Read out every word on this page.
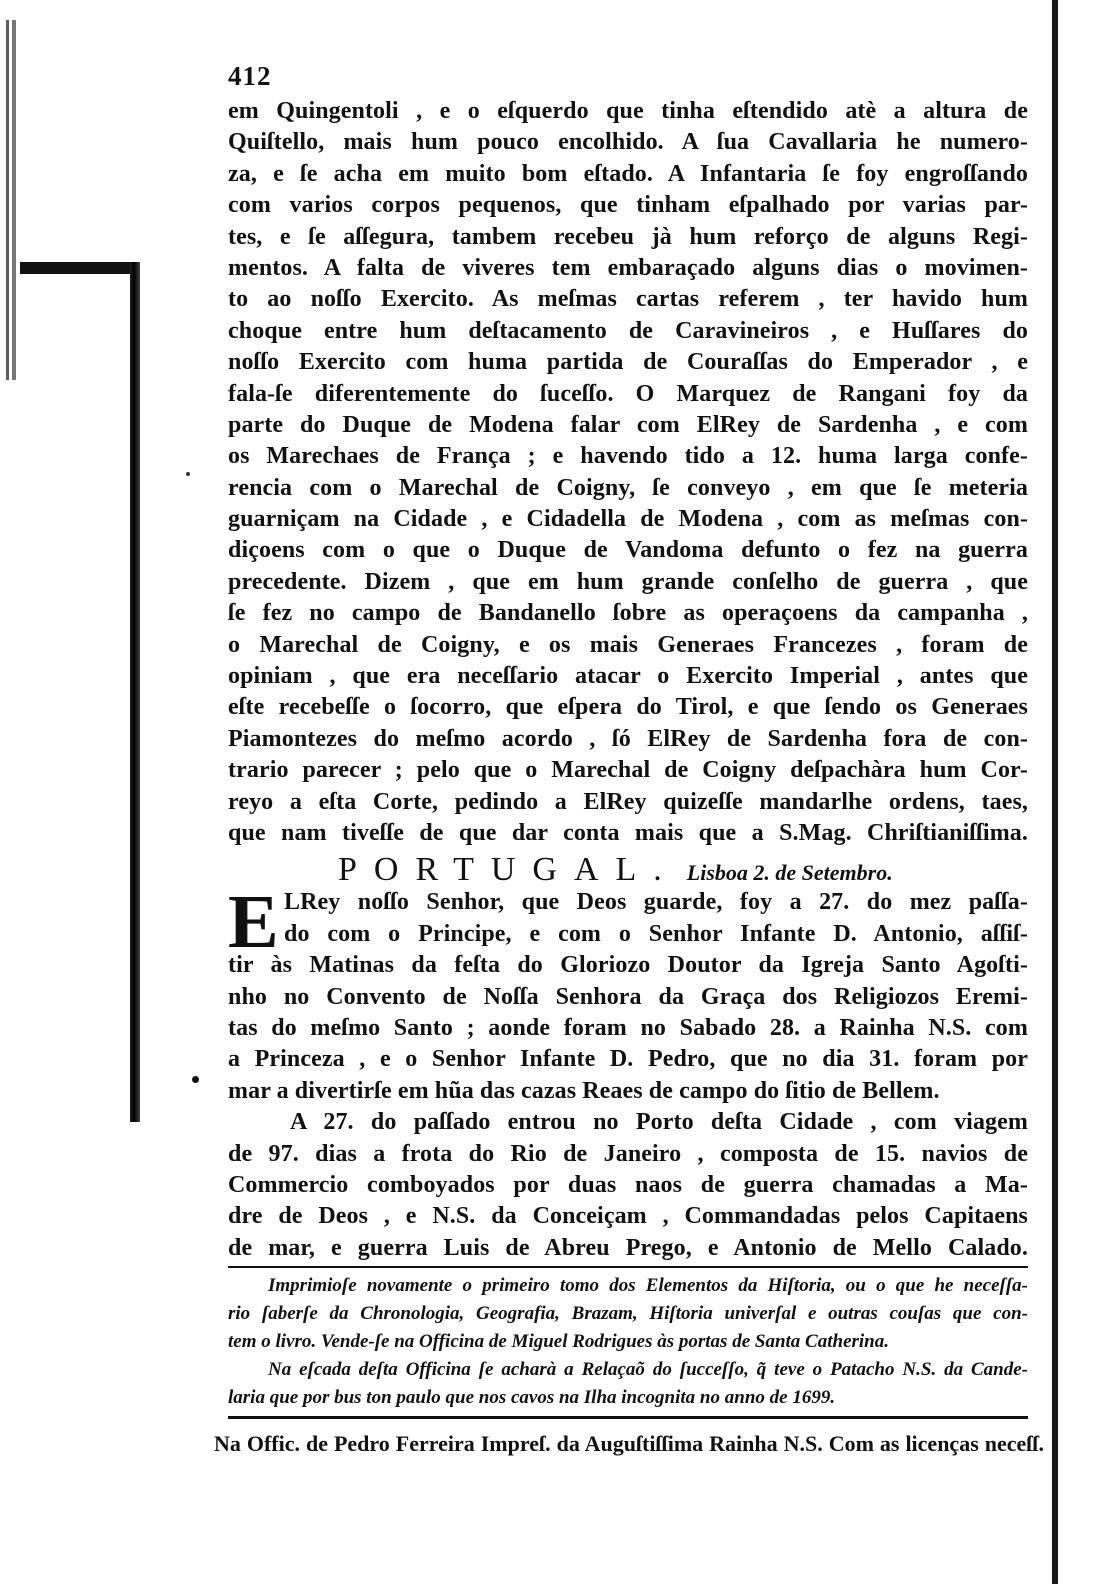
412
em Quingentoli , e o eſquerdo que tinha eſtendido atè a altura de
Quiſtello, mais hum pouco encolhido. A ſua Cavallaria he numero-
za, e ſe acha em muito bom eſtado. A Infantaria ſe foy engroſſando
com varios corpos pequenos, que tinham eſpalhado por varias par-
tes, e ſe aſſegura, tambem recebeu jà hum reforço de alguns Regi-
mentos. A falta de viveres tem embaraçado alguns dias o movimen-
to ao noſſo Exercito. As meſmas cartas referem , ter havido hum
choque entre hum deſtacamento de Caravineiros , e Huſſares do
noſſo Exercito com huma partida de Couraſſas do Emperador , e
fala-ſe diferentemente do ſuceſſo. O Marquez de Rangani foy da
parte do Duque de Modena falar com ElRey de Sardenha , e com
os Marechaes de França ; e havendo tido a 12. huma larga confe-
rencia com o Marechal de Coigny, ſe conveyo , em que ſe meteria
guarniçam na Cidade , e Cidadella de Modena , com as meſmas con-
diçoens com o que o Duque de Vandoma defunto o fez na guerra
precedente. Dizem , que em hum grande conſelho de guerra , que
ſe fez no campo de Bandanello ſobre as operaçoens da campanha ,
o Marechal de Coigny, e os mais Generaes Francezes , foram de
opiniam , que era neceſſario atacar o Exercito Imperial , antes que
eſte recebeſſe o ſocorro, que eſpera do Tirol, e que ſendo os Generaes
Piamontezes do meſmo acordo , ſó ElRey de Sardenha fora de con-
trario parecer ; pelo que o Marechal de Coigny deſpachàra hum Cor-
reyo a eſta Corte, pedindo a ElRey quizeſſe mandarlhe ordens, taes,
que nam tiveſſe de que dar conta mais que a S.Mag. Chriſtianiſſima.
PORTUGAL. Lisboa 2. de Setembro.
E LRey noſſo Senhor, que Deos guarde, foy a 27. do mez paſſa-
do com o Principe, e com o Senhor Infante D. Antonio, aſſiſ-
tir às Matinas da feſta do Gloriozo Doutor da Igreja Santo Agoſti-
nho no Convento de Noſſa Senhora da Graça dos Religiozos Eremi-
tas do meſmo Santo ; aonde foram no Sabado 28. a Rainha N.S. com
a Princeza , e o Senhor Infante D. Pedro, que no dia 31. foram por
mar a divertirſe em hũa das cazas Reaes de campo do ſitio de Bellem.
A 27. do paſſado entrou no Porto deſta Cidade , com viagem
de 97. dias a frota do Rio de Janeiro , composta de 15. navios de
Commercio comboyados por duas naos de guerra chamadas a Ma-
dre de Deos , e N.S. da Conceiçam , Commandadas pelos Capitaens
de mar, e guerra Luis de Abreu Prego, e Antonio de Mello Calado.
Imprimioſe novamente o primeiro tomo dos Elementos da Hiſtoria, ou o que he neceſſa-
rio ſaberſe da Chronologia, Geografia, Brazam, Hiſtoria univerſal e outras couſas que con-
tem o livro. Vende-ſe na Officina de Miguel Rodrigues às portas de Santa Catherina.
Na eſcada deſta Officina ſe acharà a Relaçaõ do ſucceſſo, q̃ teve o Patacho N.S. da Cande-
laria que por bus ton paulo que nos cavos na Ilha incognita no anno de 1699.
Na Offic. de Pedro Ferreira Impreſ. da Auguſtiſſima Rainha N.S. Com as licenças neceſſ.
